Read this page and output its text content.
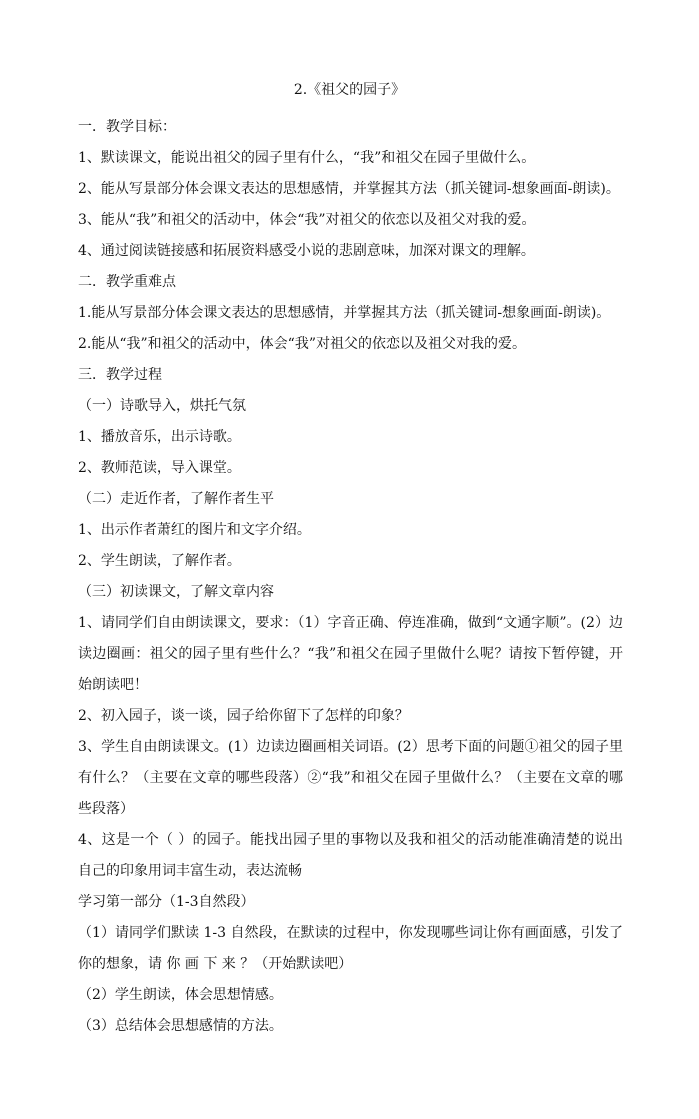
2.《祖父的园子》

一．教学目标：

1、默读课文，能说出祖父的园子里有什么，“我”和祖父在园子里做什么。

2、能从写景部分体会课文表达的思想感情，并掌握其方法（抓关键词-想象画面-朗读)。

3、能从“我”和祖父的活动中，体会“我”对祖父的依恋以及祖父对我的爱。

4、通过阅读链接感和拓展资料感受小说的悲剧意味，加深对课文的理解。

二．教学重难点

1.能从写景部分体会课文表达的思想感情，并掌握其方法（抓关键词-想象画面-朗读)。

2.能从“我”和祖父的活动中，体会“我”对祖父的依恋以及祖父对我的爱。

三．教学过程

（一）诗歌导入，烘托气氛

1、播放音乐，出示诗歌。

2、教师范读，导入课堂。

（二）走近作者，了解作者生平

1、出示作者萧红的图片和文字介绍。

2、学生朗读，了解作者。

（三）初读课文，了解文章内容

1、请同学们自由朗读课文，要求：（1）字音正确、停连准确，做到“文通字顺”。(2）边读边圈画：祖父的园子里有些什么？“我”和祖父在园子里做什么呢？请按下暂停键，开始朗读吧！

2、初入园子，谈一谈，园子给你留下了怎样的印象？

3、学生自由朗读课文。(1）边读边圈画相关词语。(2）思考下面的问题①祖父的园子里有什么？（主要在文章的哪些段落）②“我”和祖父在园子里做什么？（主要在文章的哪些段落）

4、这是一个（ ）的园子。能找出园子里的事物以及我和祖父的活动能准确清楚的说出自己的印象用词丰富生动，表达流畅

学习第一部分（1-3自然段）

（1）请同学们默读 1-3 自然段，在默读的过程中，你发现哪些词让你有画面感，引发了你的想象，请 你 画 下 来 ？（开始默读吧）

（2）学生朗读，体会思想情感。

（3）总结体会思想感情的方法。
